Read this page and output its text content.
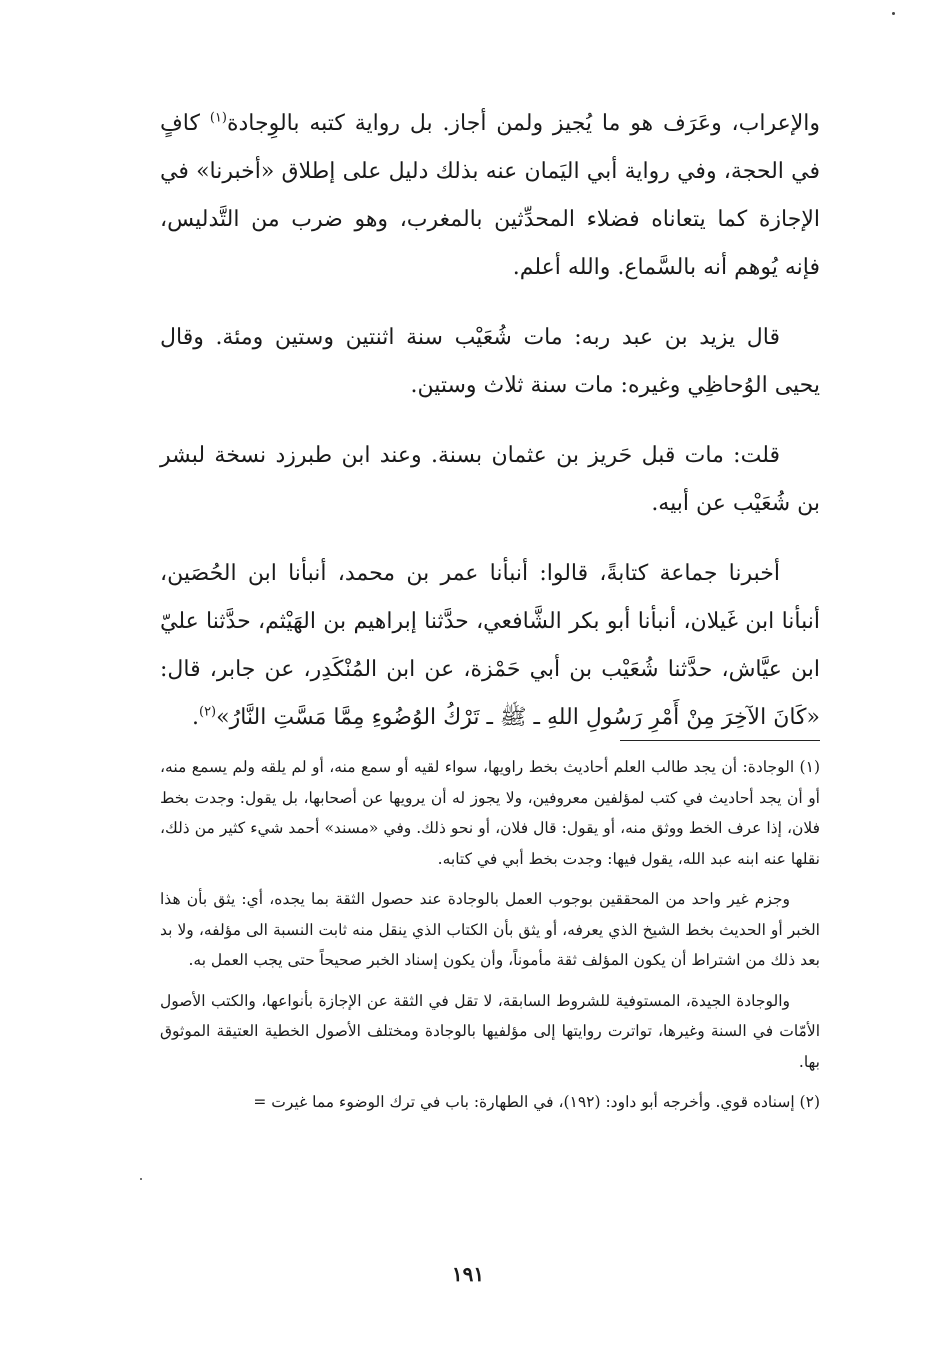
والإعراب، وعَرَف هو ما يُجيز ولمن أجاز. بل رواية كتبه بالوِجادة$^{(١)}$ كافٍ في الحجة، وفي رواية أبي اليَمان عنه بذلك دليل على إطلاق «أخبرنا» في الإجازة كما يتعاناه فضلاء المحدِّثين بالمغرب، وهو ضرب من التَّدليس، فإنه يُوهم أنه بالسَّماع. والله أعلم.

قال يزيد بن عبد ربه: مات شُعَيْب سنة اثنتين وستين ومئة. وقال يحيى الوُحاظِي وغيره: مات سنة ثلاث وستين.

قلت: مات قبل حَريز بن عثمان بسنة. وعند ابن طبرزد نسخة لبشر بن شُعَيْب عن أبيه.

أخبرنا جماعة كتابةً، قالوا: أنبأنا عمر بن محمد، أنبأنا ابن الحُصَين، أنبأنا ابن غَيلان، أنبأنا أبو بكر الشَّافعي، حدَّثنا إبراهيم بن الهَيْثم، حدَّثنا عليّ ابن عيَّاش، حدَّثنا شُعَيْب بن أبي حَمْزة، عن ابن المُنْكَدِر، عن جابر، قال: «كَانَ الآخِرَ مِنْ أَمْرِ رَسُولِ اللهِ ـ ﷺ ـ تَرْكُ الوُضُوءِ مِمَّا مَسَّتِ النَّارُ»$^{(٢)}$.

(١) الوجادة: أن يجد طالب العلم أحاديث بخط راويها، سواء لقيه أو سمع منه، أو لم يلقه ولم يسمع منه، أو أن يجد أحاديث في كتب لمؤلفين معروفين، ولا يجوز له أن يرويها عن أصحابها، بل يقول: وجدت بخط فلان، إذا عرف الخط ووثق منه، أو يقول: قال فلان، أو نحو ذلك. وفي «مسند» أحمد شيء كثير من ذلك، نقلها عنه ابنه عبد الله، يقول فيها: وجدت بخط أبي في كتابه.

وجزم غير واحد من المحققين بوجوب العمل بالوجادة عند حصول الثقة بما يجده، أي: يثق بأن هذا الخبر أو الحديث بخط الشيخ الذي يعرفه، أو يثق بأن الكتاب الذي ينقل منه ثابت النسبة الى مؤلفه، ولا بد بعد ذلك من اشتراط أن يكون المؤلف ثقة مأموناً، وأن يكون إسناد الخبر صحيحاً حتى يجب العمل به.

والوجادة الجيدة، المستوفية للشروط السابقة، لا تقل في الثقة عن الإجازة بأنواعها، والكتب الأصول الأمّات في السنة وغيرها، تواترت روايتها إلى مؤلفيها بالوجادة ومختلف الأصول الخطية العتيقة الموثوق بها.

(٢) إسناده قوي. وأخرجه أبو داود: (١٩٢)، في الطهارة: باب في ترك الوضوء مما غيرت =

١٩١
